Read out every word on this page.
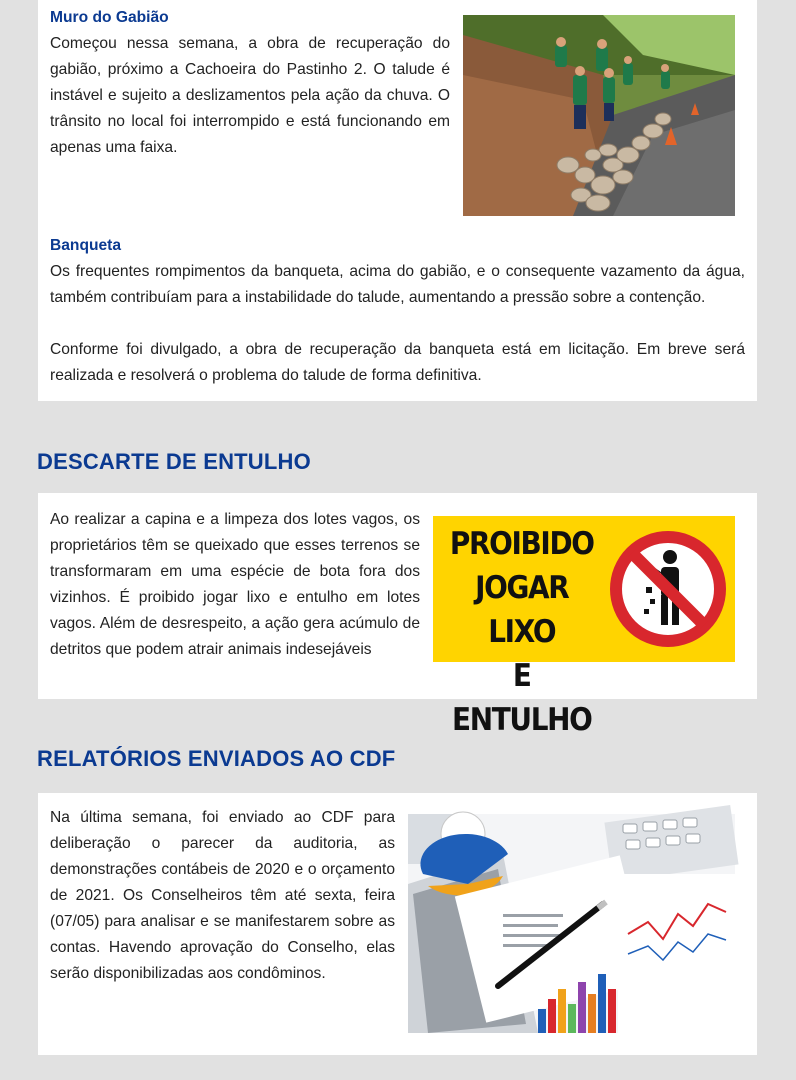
Muro do Gabião

Começou nessa semana, a obra de recuperação do gabião, próximo a Cachoeira do Pastinho 2. O talude é instável e sujeito a deslizamentos pela ação da chuva. O trânsito no local foi interrompido e está funcionando em apenas uma faixa.

Banqueta

Os frequentes rompimentos da banqueta, acima do gabião, e o consequente vazamento da água, também contribuíam para a instabilidade do talude, aumentando a pressão sobre a contenção.

Conforme foi divulgado, a obra de recuperação da banqueta está em licitação. Em breve será realizada e resolverá o problema do talude de forma definitiva.

DESCARTE DE ENTULHO

Ao realizar a capina e a limpeza dos lotes vagos, os proprietários têm se queixado que esses terrenos se transformaram em uma espécie de bota fora dos vizinhos. É proibido jogar lixo e entulho em lotes vagos. Além de desrespeito, a ação gera acúmulo de detritos que podem atrair animais indesejáveis

PROIBIDO
JOGAR LIXO
E ENTULHO
RELATÓRIOS ENVIADOS AO CDF

Na última semana, foi enviado ao CDF para deliberação o parecer da auditoria, as demonstrações contábeis de 2020 e o orçamento de 2021. Os Conselheiros têm até sexta, feira (07/05) para analisar e se manifestarem sobre as contas. Havendo aprovação do Conselho, elas serão disponibilizadas aos condôminos.
